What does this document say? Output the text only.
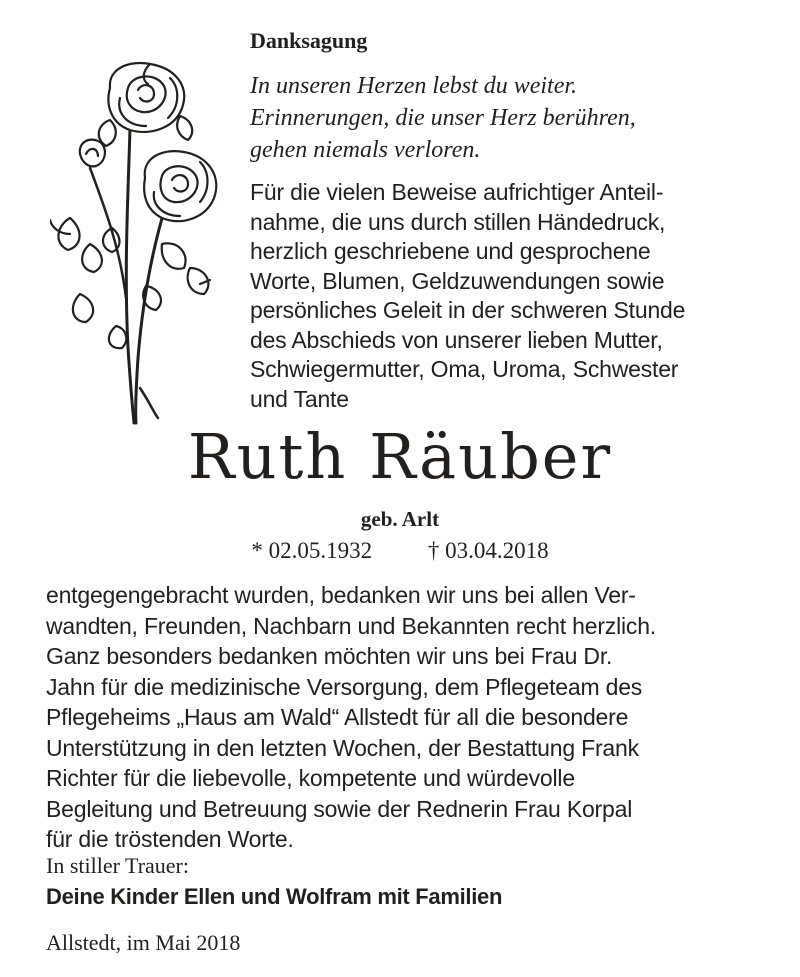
Danksagung
In unseren Herzen lebst du weiter.
Erinnerungen, die unser Herz berühren,
gehen niemals verloren.
Für die vielen Beweise aufrichtiger Anteil-
nahme, die uns durch stillen Händedruck,
herzlich geschriebene und gesprochene
Worte, Blumen, Geldzuwendungen sowie
persönliches Geleit in der schweren Stunde
des Abschieds von unserer lieben Mutter,
Schwiegermutter, Oma, Uroma, Schwester
und Tante
Ruth Räuber
geb. Arlt
* 02.05.1932 † 03.04.2018
entgegengebracht wurden, bedanken wir uns bei allen Ver-
wandten, Freunden, Nachbarn und Bekannten recht herzlich.
Ganz besonders bedanken möchten wir uns bei Frau Dr.
Jahn für die medizinische Versorgung, dem Pflegeteam des
Pflegeheims „Haus am Wald“ Allstedt für all die besondere
Unterstützung in den letzten Wochen, der Bestattung Frank
Richter für die liebevolle, kompetente und würdevolle
Begleitung und Betreuung sowie der Rednerin Frau Korpal
für die tröstenden Worte.
In stiller Trauer:
Deine Kinder Ellen und Wolfram mit Familien
Allstedt, im Mai 2018
